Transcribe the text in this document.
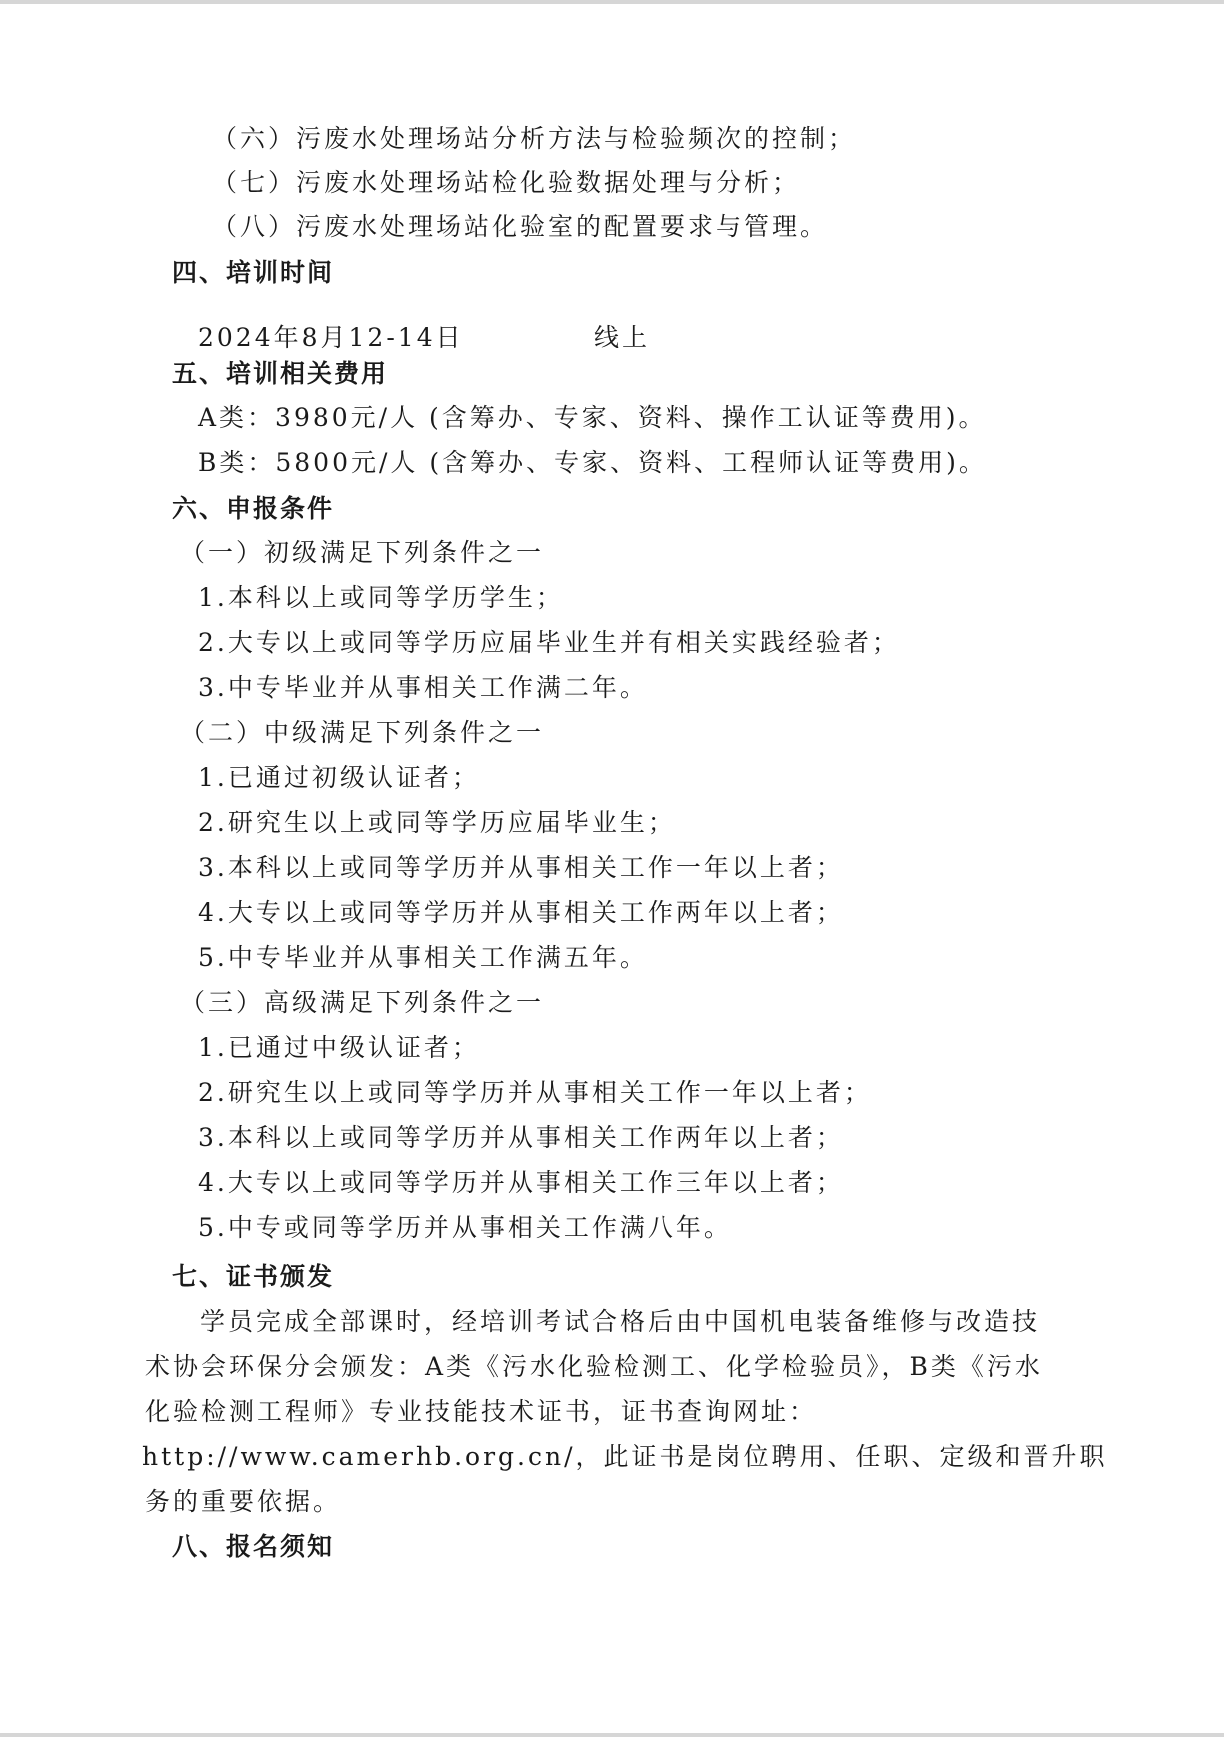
（六）污废水处理场站分析方法与检验频次的控制；
（七）污废水处理场站检化验数据处理与分析；
（八）污废水处理场站化验室的配置要求与管理。
四、培训时间
2024年8月12-14日	线上
五、培训相关费用
A类：3980元/人 (含筹办、专家、资料、操作工认证等费用)。
B类：5800元/人 (含筹办、专家、资料、工程师认证等费用)。
六、申报条件
（一）初级满足下列条件之一
1.本科以上或同等学历学生；
2.大专以上或同等学历应届毕业生并有相关实践经验者；
3.中专毕业并从事相关工作满二年。
（二）中级满足下列条件之一
1.已通过初级认证者；
2.研究生以上或同等学历应届毕业生；
3.本科以上或同等学历并从事相关工作一年以上者；
4.大专以上或同等学历并从事相关工作两年以上者；
5.中专毕业并从事相关工作满五年。
（三）高级满足下列条件之一
1.已通过中级认证者；
2.研究生以上或同等学历并从事相关工作一年以上者；
3.本科以上或同等学历并从事相关工作两年以上者；
4.大专以上或同等学历并从事相关工作三年以上者；
5.中专或同等学历并从事相关工作满八年。
七、证书颁发
学员完成全部课时，经培训考试合格后由中国机电装备维修与改造技
术协会环保分会颁发：A类《污水化验检测工、化学检验员》，B类《污水
化验检测工程师》专业技能技术证书，证书查询网址：
http://www.camerhb.org.cn/，此证书是岗位聘用、任职、定级和晋升职
务的重要依据。
八、报名须知
